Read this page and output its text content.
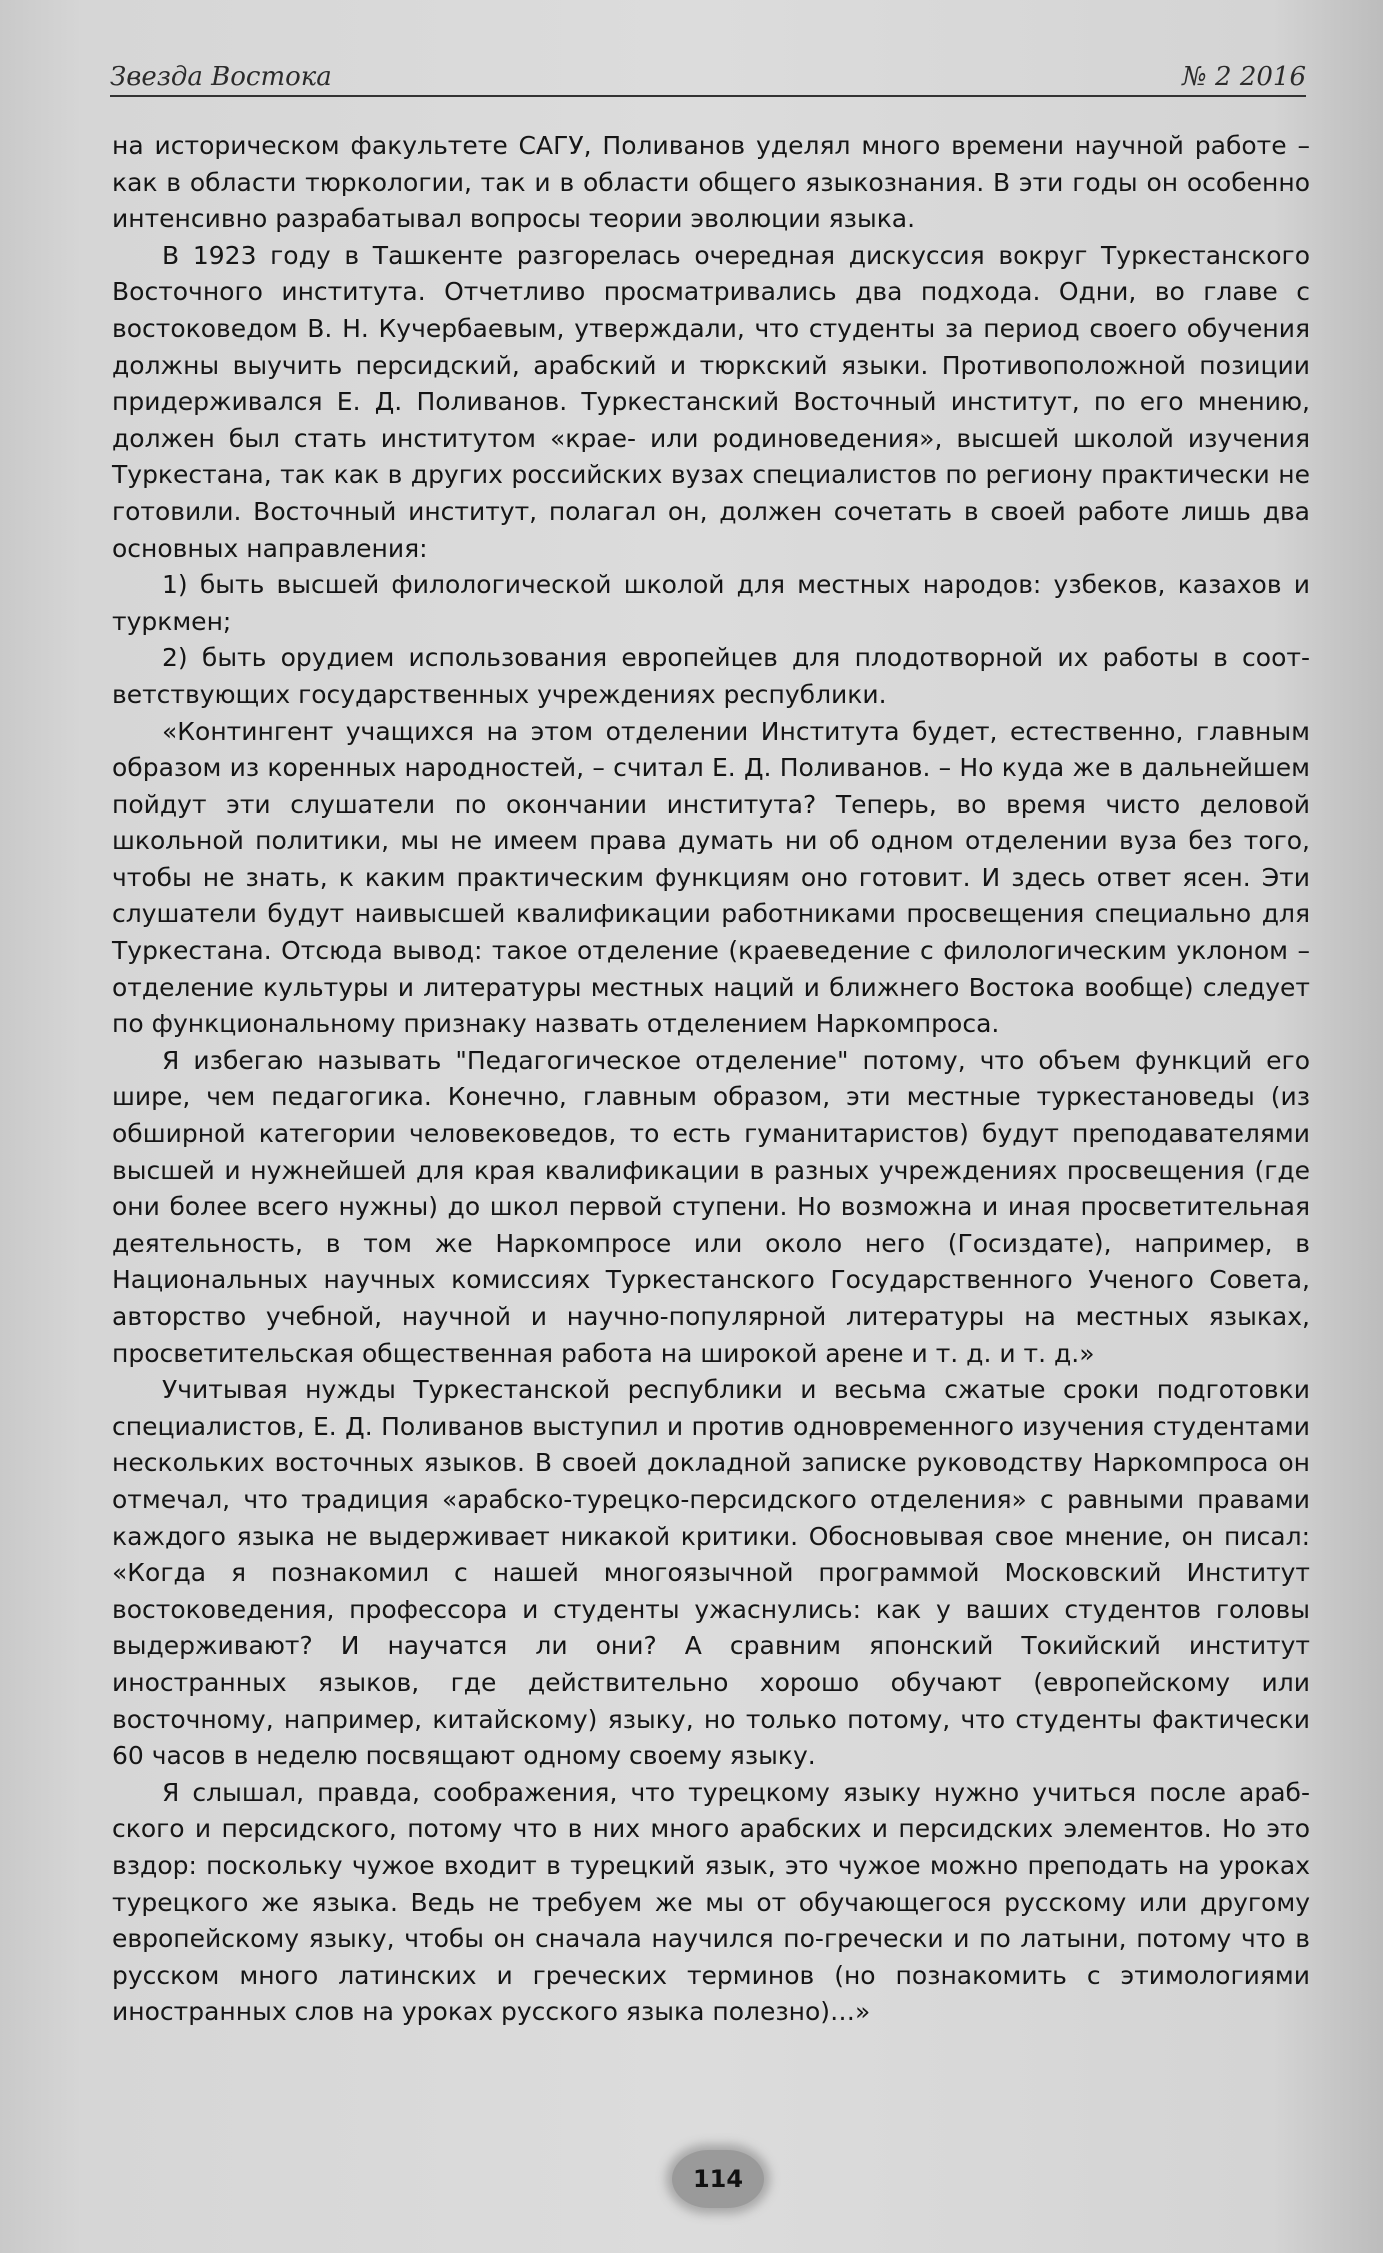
Звезда Востока	№ 2 2016

на историческом факультете САГУ, Поливанов уделял много времени научной работе – как в области тюркологии, так и в области общего языкознания. В эти годы он особенно интенсивно разрабатывал вопросы теории эволюции языка.

В 1923 году в Ташкенте разгорелась очередная дискуссия вокруг Туркестанского Восточного института. Отчетливо просматривались два подхода. Одни, во главе с востоковедом В. Н. Кучербаевым, утверждали, что студенты за период своего обучения должны выучить персидский, арабский и тюркский языки. Противоположной позиции придерживался Е. Д. Поливанов. Туркестанский Восточный институт, по его мнению, должен был стать институтом «крае- или родиноведения», высшей школой изучения Туркестана, так как в других российских вузах специалистов по региону практически не готовили. Восточный институт, полагал он, должен сочетать в своей работе лишь два основных направления:

1) быть высшей филологической школой для местных народов: узбеков, казахов и туркмен;

2) быть орудием использования европейцев для плодотворной их работы в соответствующих государственных учреждениях республики.

«Контингент учащихся на этом отделении Института будет, естественно, главным образом из коренных народностей, – считал Е. Д. Поливанов. – Но куда же в дальнейшем пойдут эти слушатели по окончании института? Теперь, во время чисто деловой школьной политики, мы не имеем права думать ни об одном отделении вуза без того, чтобы не знать, к каким практическим функциям оно готовит. И здесь ответ ясен. Эти слушатели будут наивысшей квалификации работниками просвещения специально для Туркестана. Отсюда вывод: такое отделение (краеведение с филологическим уклоном – отделение культуры и литературы местных наций и ближнего Востока вообще) следует по функциональному признаку назвать отделением Наркомпроса.

Я избегаю называть "Педагогическое отделение" потому, что объем функций его шире, чем педагогика. Конечно, главным образом, эти местные туркестановеды (из обширной категории человековедов, то есть гуманитаристов) будут преподавателями высшей и нужнейшей для края квалификации в разных учреждениях просвещения (где они более всего нужны) до школ первой ступени. Но возможна и иная просветительная деятельность, в том же Наркомпросе или около него (Госиздате), например, в Национальных научных комиссиях Туркестанского Государственного Ученого Совета, авторство учебной, научной и научно-популярной литературы на местных языках, просветительская общественная работа на широкой арене и т. д. и т. д.»

Учитывая нужды Туркестанской республики и весьма сжатые сроки подготовки специалистов, Е. Д. Поливанов выступил и против одновременного изучения студентами нескольких восточных языков. В своей докладной записке руководству Наркомпроса он отмечал, что традиция «арабско-турецко-персидского отделения» с равными правами каждого языка не выдерживает никакой критики. Обосновывая свое мнение, он писал: «Когда я познакомил с нашей многоязычной программой Московский Институт востоковедения, профессора и студенты ужаснулись: как у ваших студентов головы выдерживают? И научатся ли они? А сравним японский Токийский институт иностранных языков, где действительно хорошо обучают (европейскому или восточному, например, китайскому) языку, но только потому, что студенты фактически 60 часов в неделю посвящают одному своему языку.

Я слышал, правда, соображения, что турецкому языку нужно учиться после арабского и персидского, потому что в них много арабских и персидских элементов. Но это вздор: поскольку чужое входит в турецкий язык, это чужое можно преподать на уроках турецкого же языка. Ведь не требуем же мы от обучающегося русскому или другому европейскому языку, чтобы он сначала научился по-гречески и по латыни, потому что в русском много латинских и греческих терминов (но познакомить с этимологиями иностранных слов на уроках русского языка полезно)…»

114
